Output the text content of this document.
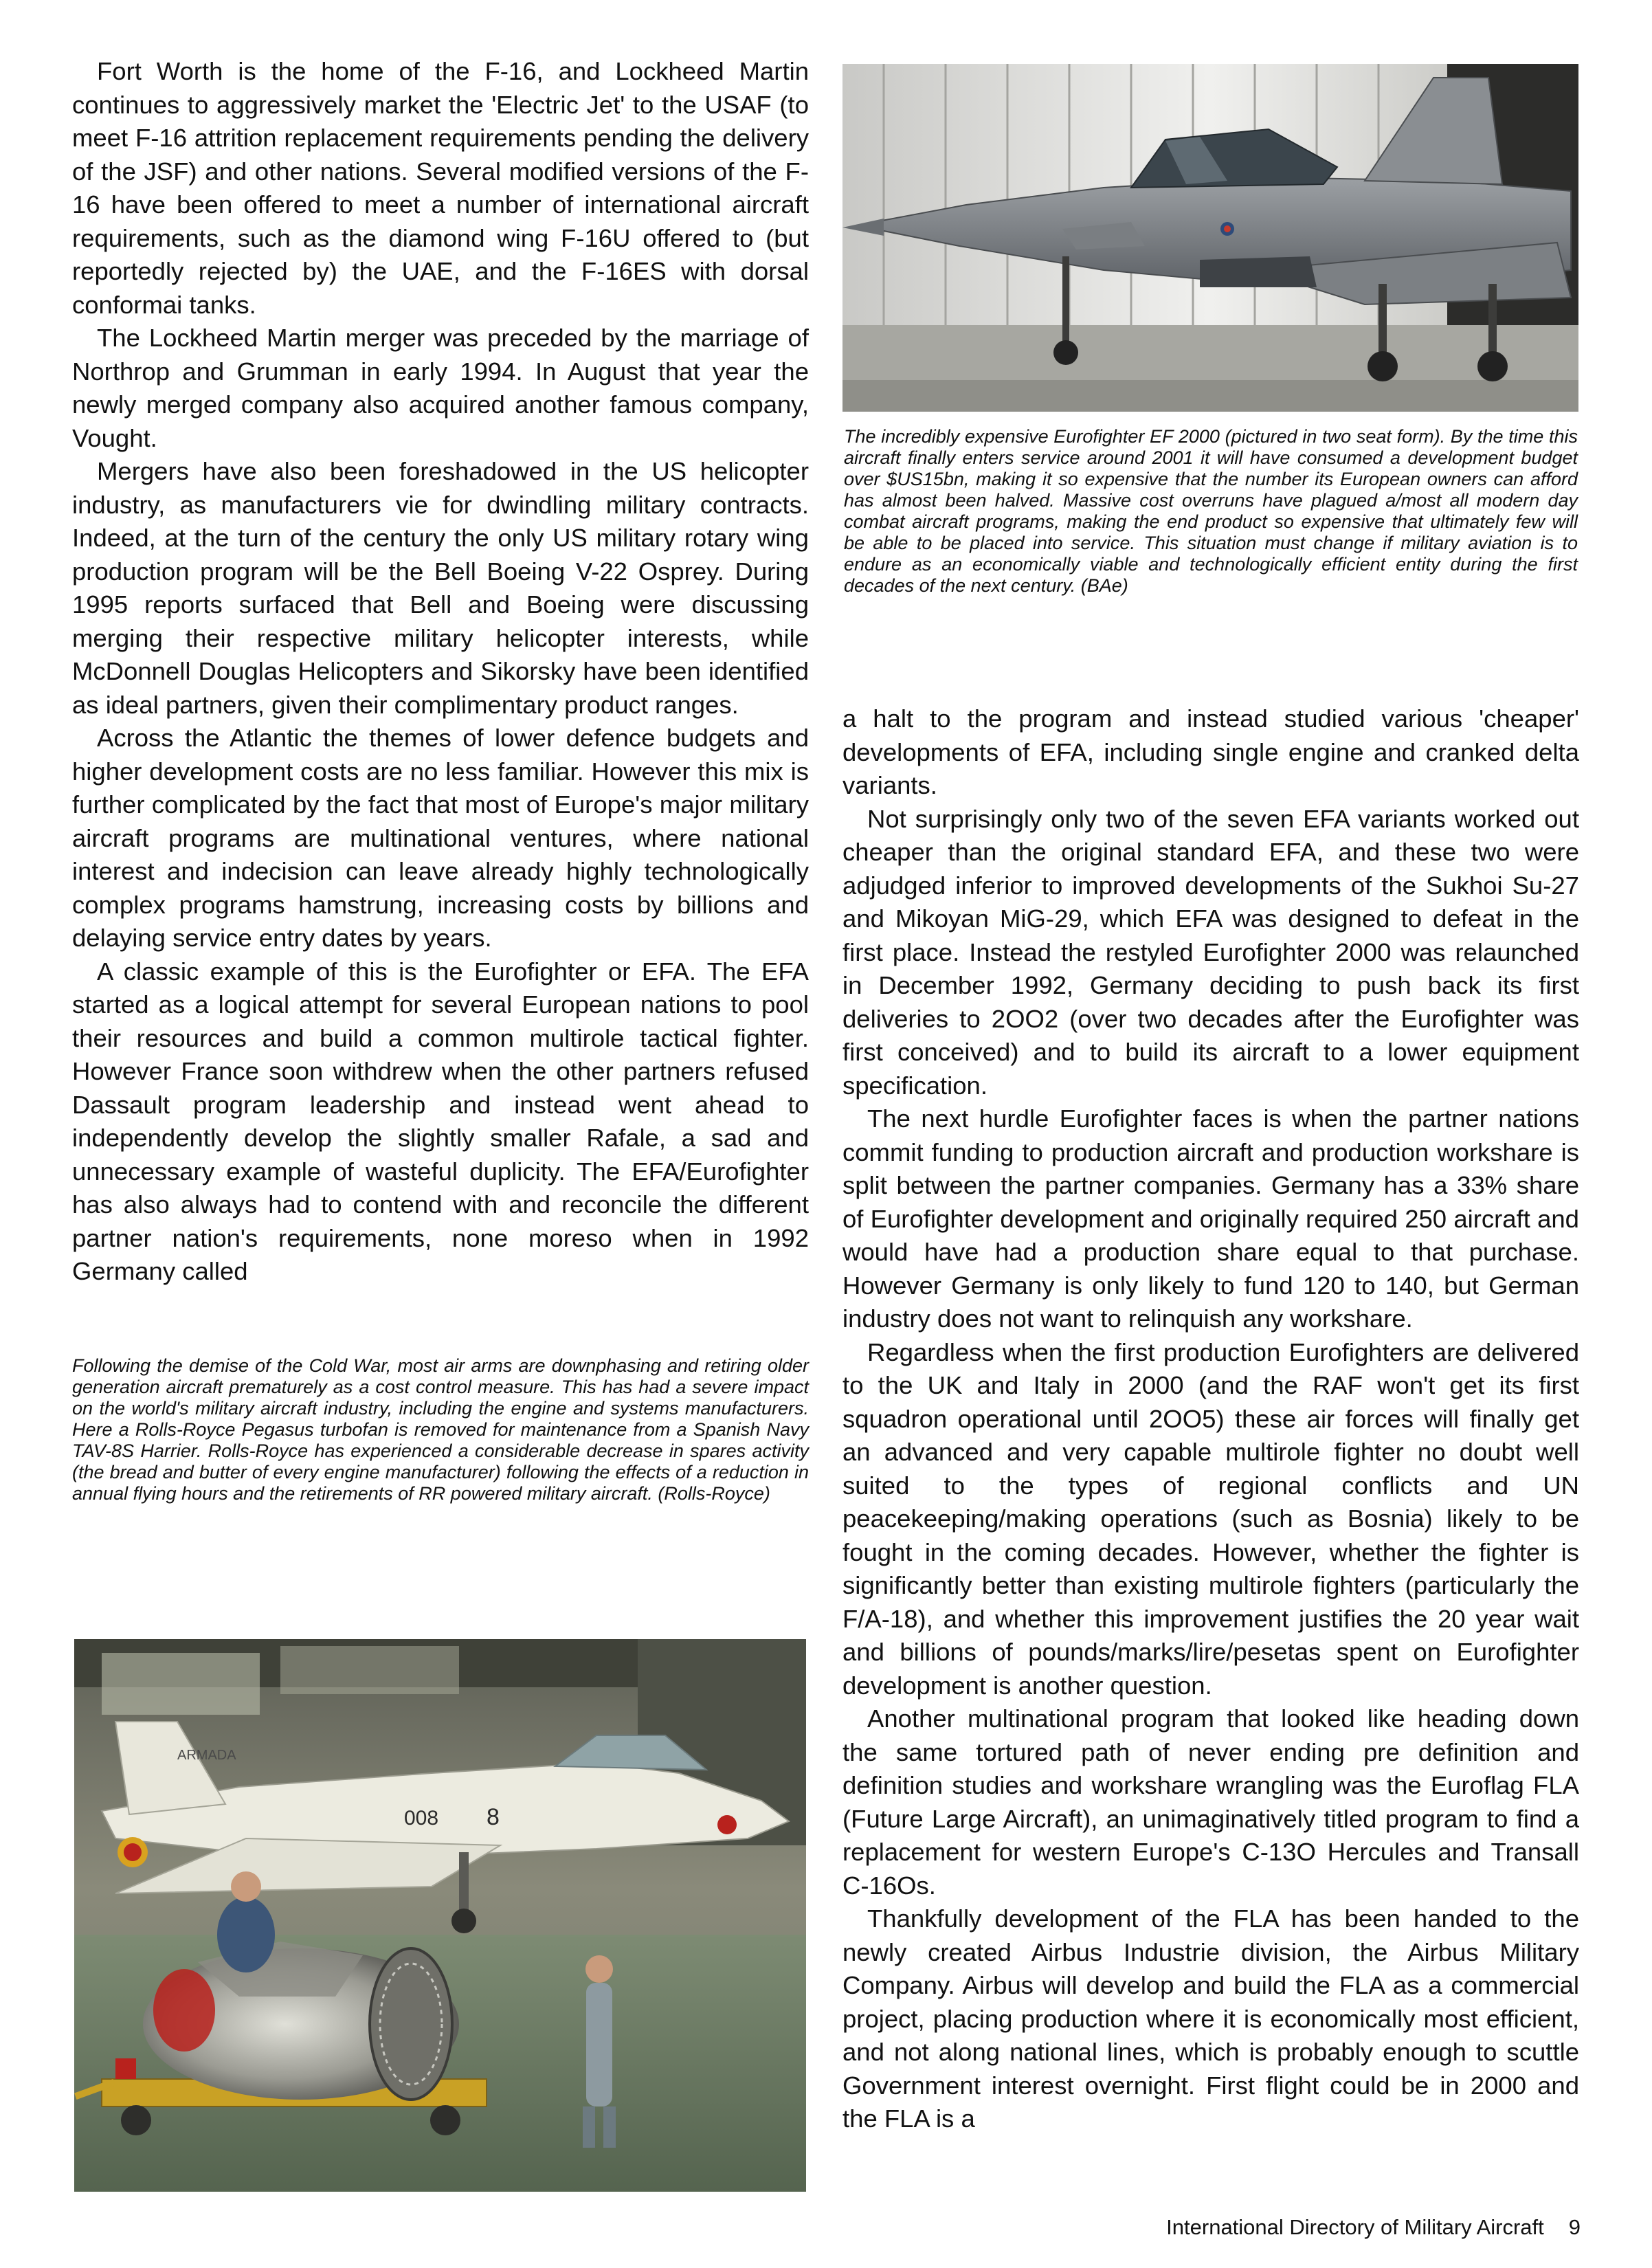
Fort Worth is the home of the F-16, and Lockheed Martin continues to aggressively market the 'Electric Jet' to the USAF (to meet F-16 attrition replacement requirements pending the delivery of the JSF) and other nations. Several modified versions of the F-16 have been offered to meet a number of international aircraft requirements, such as the diamond wing F-16U offered to (but reportedly rejected by) the UAE, and the F-16ES with dorsal conformai tanks.

The Lockheed Martin merger was preceded by the marriage of Northrop and Grumman in early 1994. In August that year the newly merged company also acquired another famous company, Vought.

Mergers have also been foreshadowed in the US helicopter industry, as manufacturers vie for dwindling military contracts. Indeed, at the turn of the century the only US military rotary wing production program will be the Bell Boeing V-22 Osprey. During 1995 reports surfaced that Bell and Boeing were discussing merging their respective military helicopter interests, while McDonnell Douglas Helicopters and Sikorsky have been identified as ideal partners, given their complimentary product ranges.

Across the Atlantic the themes of lower defence budgets and higher development costs are no less familiar. However this mix is further complicated by the fact that most of Europe's major military aircraft programs are multinational ventures, where national interest and indecision can leave already highly technologically complex programs hamstrung, increasing costs by billions and delaying service entry dates by years.

A classic example of this is the Eurofighter or EFA. The EFA started as a logical attempt for several European nations to pool their resources and build a common multirole tactical fighter. However France soon withdrew when the other partners refused Dassault program leadership and instead went ahead to independently develop the slightly smaller Rafale, a sad and unnecessary example of wasteful duplicity. The EFA/Eurofighter has also always had to contend with and reconcile the different partner nation's requirements, none moreso when in 1992 Germany called

Following the demise of the Cold War, most air arms are downphasing and retiring older generation aircraft prematurely as a cost control measure. This has had a severe impact on the world's military aircraft industry, including the engine and systems manufacturers. Here a Rolls-Royce Pegasus turbofan is removed for maintenance from a Spanish Navy TAV-8S Harrier. Rolls-Royce has experienced a considerable decrease in spares activity (the bread and butter of every engine manufacturer) following the effects of a reduction in annual flying hours and the retirements of RR powered military aircraft. (Rolls-Royce)

008 8
ARMADA

The incredibly expensive Eurofighter EF 2000 (pictured in two seat form). By the time this aircraft finally enters service around 2001 it will have consumed a development budget over $US15bn, making it so expensive that the number its European owners can afford has almost been halved. Massive cost overruns have plagued a/most all modern day combat aircraft programs, making the end product so expensive that ultimately few will be able to be placed into service. This situation must change if military aviation is to endure as an economically viable and technologically efficient entity during the first decades of the next century. (BAe)

a halt to the program and instead studied various 'cheaper' developments of EFA, including single engine and cranked delta variants.

Not surprisingly only two of the seven EFA variants worked out cheaper than the original standard EFA, and these two were adjudged inferior to improved developments of the Sukhoi Su-27 and Mikoyan MiG-29, which EFA was designed to defeat in the first place. Instead the restyled Eurofighter 2000 was relaunched in December 1992, Germany deciding to push back its first deliveries to 2OO2 (over two decades after the Eurofighter was first conceived) and to build its aircraft to a lower equipment specification.

The next hurdle Eurofighter faces is when the partner nations commit funding to production aircraft and production workshare is split between the partner companies. Germany has a 33% share of Eurofighter development and originally required 250 aircraft and would have had a production share equal to that purchase. However Germany is only likely to fund 120 to 140, but German industry does not want to relinquish any workshare.

Regardless when the first production Eurofighters are delivered to the UK and Italy in 2000 (and the RAF won't get its first squadron operational until 2OO5) these air forces will finally get an advanced and very capable multirole fighter no doubt well suited to the types of regional conflicts and UN peacekeeping/making operations (such as Bosnia) likely to be fought in the coming decades. However, whether the fighter is significantly better than existing multirole fighters (particularly the F/A-18), and whether this improvement justifies the 20 year wait and billions of pounds/marks/lire/pesetas spent on Eurofighter development is another question.

Another multinational program that looked like heading down the same tortured path of never ending pre definition and definition studies and workshare wrangling was the Euroflag FLA (Future Large Aircraft), an unimaginatively titled program to find a replacement for western Europe's C-13O Hercules and Transall C-16Os.

Thankfully development of the FLA has been handed to the newly created Airbus Industrie division, the Airbus Military Company. Airbus will develop and build the FLA as a commercial project, placing production where it is economically most efficient, and not along national lines, which is probably enough to scuttle Government interest overnight. First flight could be in 2000 and the FLA is a

International Directory of Military Aircraft 9
